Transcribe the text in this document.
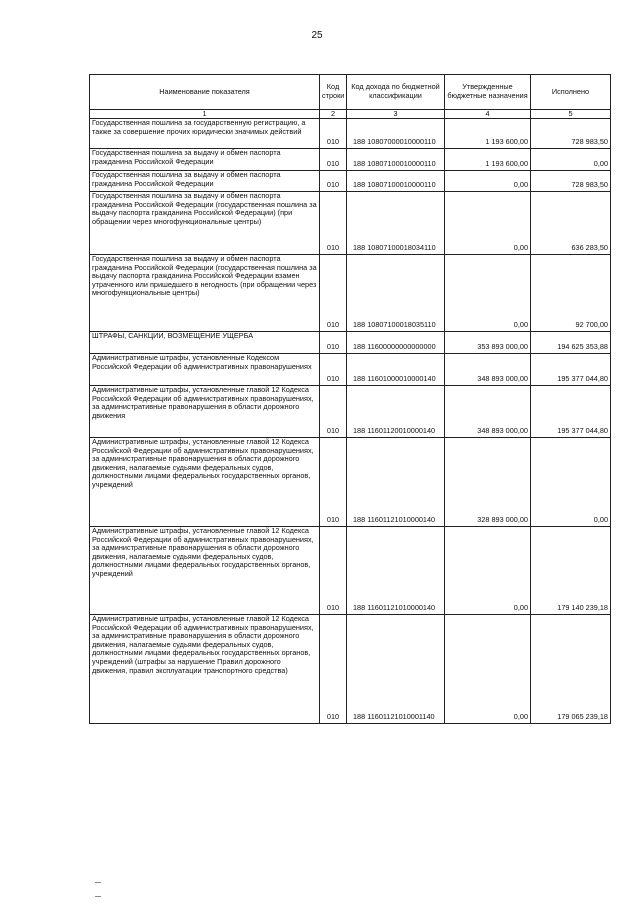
25
Наименование показателя	Код строки	Код дохода по бюджетной классификации	Утвержденные бюджетные назначения	Исполнено
1	2	3	4	5
Государственная пошлина за государственную регистрацию, а также за совершение прочих юридически значимых действий	010	188 10807000010000110	1 193 600,00	728 983,50
Государственная пошлина за выдачу и обмен паспорта гражданина Российской Федерации	010	188 10807100010000110	1 193 600,00	0,00
Государственная пошлина за выдачу и обмен паспорта гражданина Российской Федерации	010	188 10807100010000110	0,00	728 983,50
Государственная пошлина за выдачу и обмен паспорта гражданина Российской Федерации (государственная пошлина за выдачу паспорта гражданина Российской Федерации) (при обращении через многофункциональные центры)	010	188 10807100018034110	0,00	636 283,50
Государственная пошлина за выдачу и обмен паспорта гражданина Российской Федерации (государственная пошлина за выдачу паспорта гражданина Российской Федерации взамен утраченного или пришедшего в негодность (при обращении через многофункциональные центры)	010	188 10807100018035110	0,00	92 700,00
ШТРАФЫ, САНКЦИИ, ВОЗМЕЩЕНИЕ УЩЕРБА	010	188 11600000000000000	353 893 000,00	194 625 353,88
Административные штрафы, установленные Кодексом Российской Федерации об административных правонарушениях	010	188 11601000010000140	348 893 000,00	195 377 044,80
Административные штрафы, установленные главой 12 Кодекса Российской Федерации об административных правонарушениях, за административные правонарушения в области дорожного движения	010	188 11601120010000140	348 893 000,00	195 377 044,80
Административные штрафы, установленные главой 12 Кодекса Российской Федерации об административных правонарушениях, за административные правонарушения в области дорожного движения, налагаемые судьями федеральных судов, должностными лицами федеральных государственных органов, учреждений	010	188 11601121010000140	328 893 000,00	0,00
Административные штрафы, установленные главой 12 Кодекса Российской Федерации об административных правонарушениях, за административные правонарушения в области дорожного движения, налагаемые судьями федеральных судов, должностными лицами федеральных государственных органов, учреждений	010	188 11601121010000140	0,00	179 140 239,18
Административные штрафы, установленные главой 12 Кодекса Российской Федерации об административных правонарушениях, за административные правонарушения в области дорожного движения, налагаемые судьями федеральных судов, должностными лицами федеральных государственных органов, учреждений (штрафы за нарушение Правил дорожного движения, правил эксплуатации транспортного средства)	010	188 11601121010001140	0,00	179 065 239,18
